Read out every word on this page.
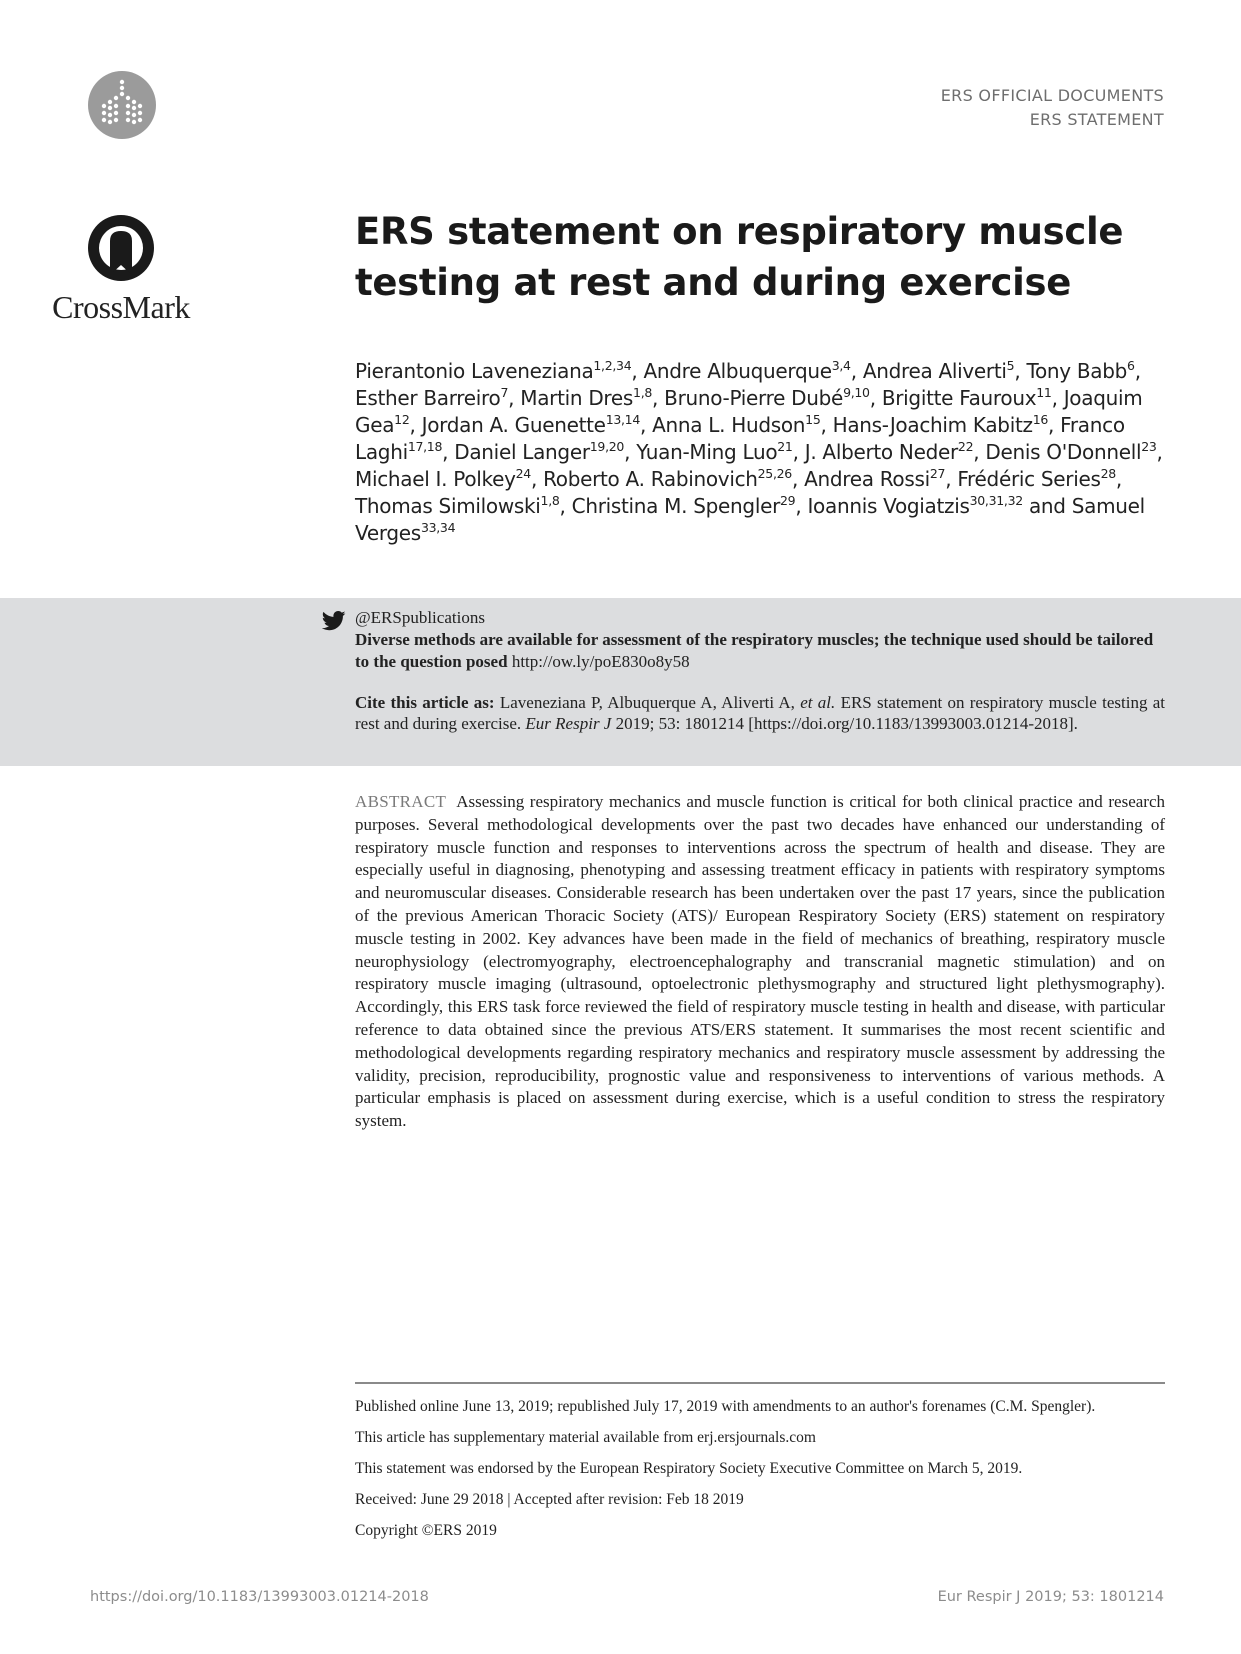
ERS OFFICIAL DOCUMENTS
ERS STATEMENT
CrossMark
ERS statement on respiratory muscle
testing at rest and during exercise
Pierantonio Laveneziana$^{1,2,34}$, Andre Albuquerque$^{3,4}$, Andrea Aliverti$^5$, Tony Babb$^6$, Esther Barreiro$^7$, Martin Dres$^{1,8}$, Bruno-Pierre Dubé$^{9,10}$, Brigitte Fauroux$^{11}$, Joaquim Gea$^{12}$, Jordan A. Guenette$^{13,14}$, Anna L. Hudson$^{15}$, Hans-Joachim Kabitz$^{16}$, Franco Laghi$^{17,18}$, Daniel Langer$^{19,20}$, Yuan-Ming Luo$^{21}$, J. Alberto Neder$^{22}$, Denis O'Donnell$^{23}$, Michael I. Polkey$^{24}$, Roberto A. Rabinovich$^{25,26}$, Andrea Rossi$^{27}$, Frédéric Series$^{28}$, Thomas Similowski$^{1,8}$, Christina M. Spengler$^{29}$, Ioannis Vogiatzis$^{30,31,32}$ and Samuel Verges$^{33,34}$
@ERSpublications
Diverse methods are available for assessment of the respiratory muscles; the technique used should be tailored to the question posed http://ow.ly/poE830o8y58
Cite this article as: Laveneziana P, Albuquerque A, Aliverti A, et al. ERS statement on respiratory muscle testing at rest and during exercise. Eur Respir J 2019; 53: 1801214 [https://doi.org/10.1183/13993003.01214-2018].
ABSTRACT Assessing respiratory mechanics and muscle function is critical for both clinical practice and research purposes. Several methodological developments over the past two decades have enhanced our understanding of respiratory muscle function and responses to interventions across the spectrum of health and disease. They are especially useful in diagnosing, phenotyping and assessing treatment efficacy in patients with respiratory symptoms and neuromuscular diseases. Considerable research has been undertaken over the past 17 years, since the publication of the previous American Thoracic Society (ATS)/ European Respiratory Society (ERS) statement on respiratory muscle testing in 2002. Key advances have been made in the field of mechanics of breathing, respiratory muscle neurophysiology (electromyography, electroencephalography and transcranial magnetic stimulation) and on respiratory muscle imaging (ultrasound, optoelectronic plethysmography and structured light plethysmography). Accordingly, this ERS task force reviewed the field of respiratory muscle testing in health and disease, with particular reference to data obtained since the previous ATS/ERS statement. It summarises the most recent scientific and methodological developments regarding respiratory mechanics and respiratory muscle assessment by addressing the validity, precision, reproducibility, prognostic value and responsiveness to interventions of various methods. A particular emphasis is placed on assessment during exercise, which is a useful condition to stress the respiratory system.

Published online June 13, 2019; republished July 17, 2019 with amendments to an author's forenames (C.M. Spengler).

This article has supplementary material available from erj.ersjournals.com

This statement was endorsed by the European Respiratory Society Executive Committee on March 5, 2019.

Received: June 29 2018 | Accepted after revision: Feb 18 2019

Copyright ©ERS 2019

https://doi.org/10.1183/13993003.01214-2018	Eur Respir J 2019; 53: 1801214
